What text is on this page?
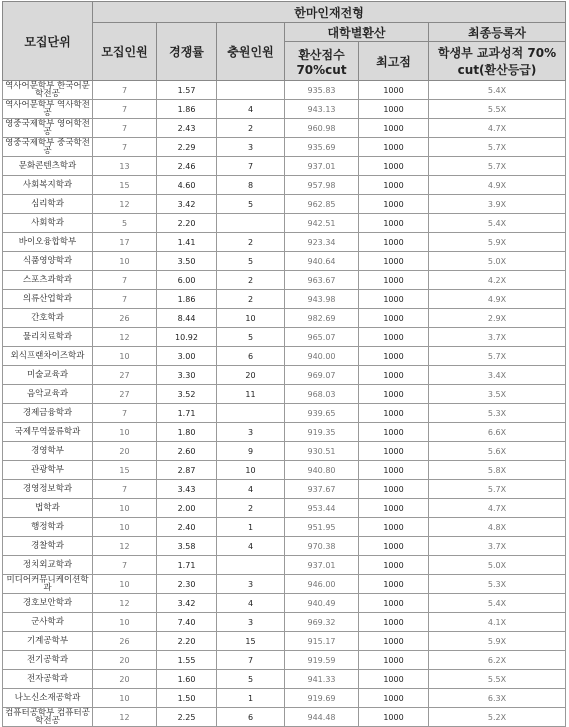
모집단위	한마인재전형					
	모집인원	경쟁률	충원인원	대학별환산		최종등록자
				환산점수 70%cut	최고점	학생부 교과성적 70% cut(환산등급)
역사어문학부 한국어문학전공	7	1.57		935.83	1000	5.4X
역사어문학부 역사학전공	7	1.86	4	943.13	1000	5.5X
영중국제학부 영어학전공	7	2.43	2	960.98	1000	4.7X
영중국제학부 중국학전공	7	2.29	3	935.69	1000	5.7X
문화콘텐츠학과	13	2.46	7	937.01	1000	5.7X
사회복지학과	15	4.60	8	957.98	1000	4.9X
심리학과	12	3.42	5	962.85	1000	3.9X
사회학과	5	2.20		942.51	1000	5.4X
바이오융합학부	17	1.41	2	923.34	1000	5.9X
식품영양학과	10	3.50	5	940.64	1000	5.0X
스포츠과학과	7	6.00	2	963.67	1000	4.2X
의류산업학과	7	1.86	2	943.98	1000	4.9X
간호학과	26	8.44	10	982.69	1000	2.9X
물리치료학과	12	10.92	5	965.07	1000	3.7X
외식프랜차이즈학과	10	3.00	6	940.00	1000	5.7X
미술교육과	27	3.30	20	969.07	1000	3.4X
음악교육과	27	3.52	11	968.03	1000	3.5X
경제금융학과	7	1.71		939.65	1000	5.3X
국제무역물류학과	10	1.80	3	919.35	1000	6.6X
경영학부	20	2.60	9	930.51	1000	5.6X
관광학부	15	2.87	10	940.80	1000	5.8X
경영정보학과	7	3.43	4	937.67	1000	5.7X
법학과	10	2.00	2	953.44	1000	4.7X
행정학과	10	2.40	1	951.95	1000	4.8X
경찰학과	12	3.58	4	970.38	1000	3.7X
정치외교학과	7	1.71		937.01	1000	5.0X
미디어커뮤니케이션학과	10	2.30	3	946.00	1000	5.3X
경호보안학과	12	3.42	4	940.49	1000	5.4X
군사학과	10	7.40	3	969.32	1000	4.1X
기계공학부	26	2.20	15	915.17	1000	5.9X
전기공학과	20	1.55	7	919.59	1000	6.2X
전자공학과	20	1.60	5	941.33	1000	5.5X
나노신소재공학과	10	1.50	1	919.69	1000	6.3X
컴퓨터공학부 컴퓨터공학전공	12	2.25	6	944.48	1000	5.2X
